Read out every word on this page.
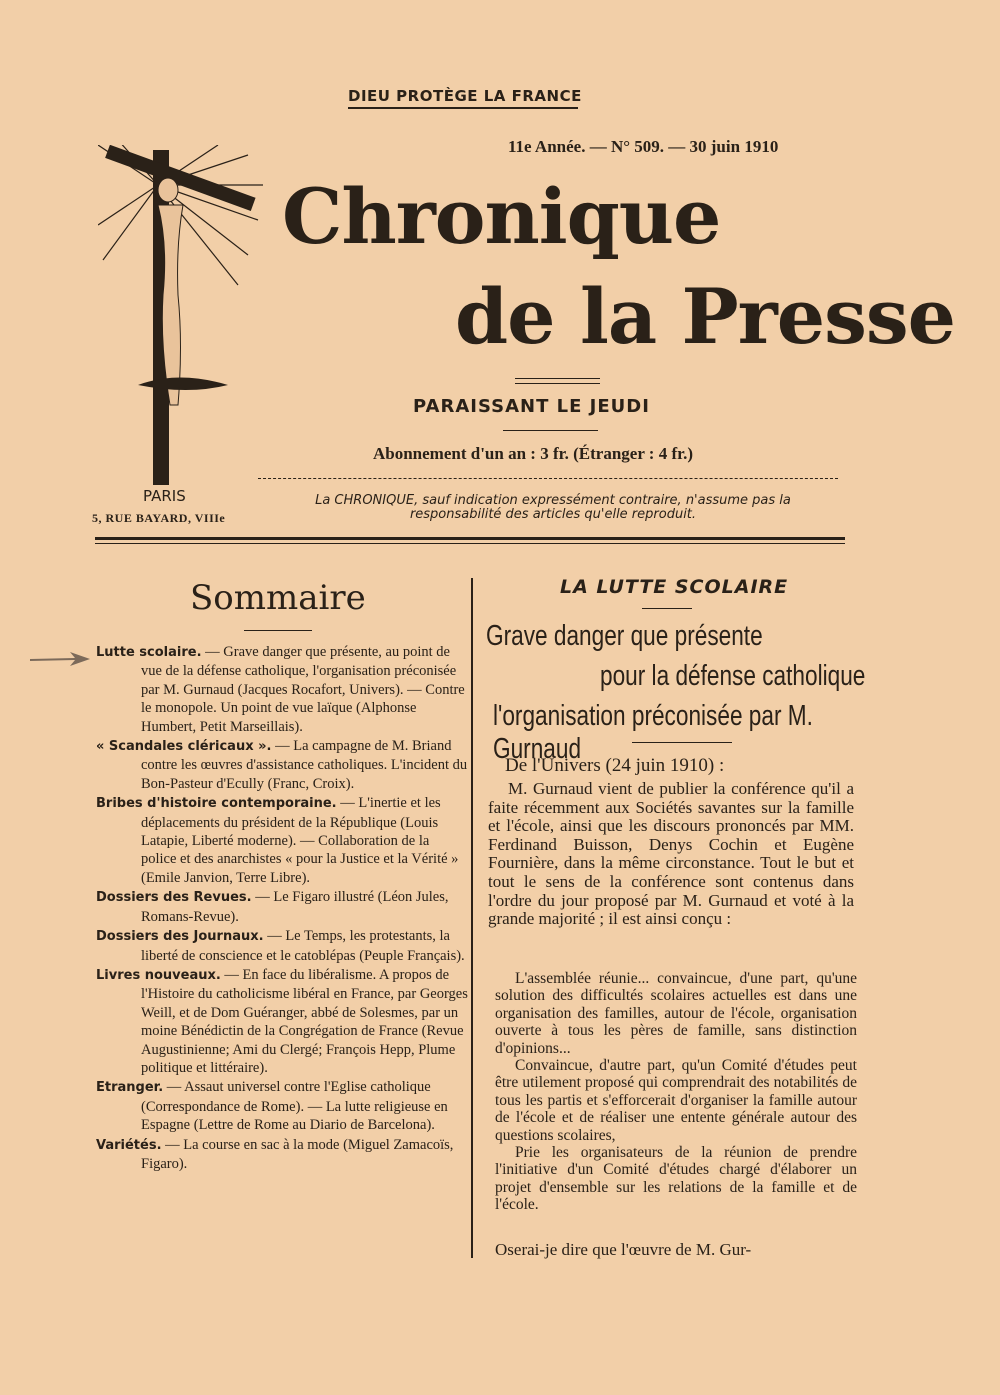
DIEU PROTÈGE LA FRANCE
11e Année. — N° 509. — 30 juin 1910
Chronique
de la Presse
PARAISSANT LE JEUDI
Abonnement d'un an : 3 fr. (Étranger : 4 fr.)
PARIS
5, RUE BAYARD, VIIIe
La CHRONIQUE, sauf indication expressément contraire, n'assume pas la responsabilité des articles qu'elle reproduit.
Sommaire

Lutte scolaire. — Grave danger que présente, au point de vue de la défense catholique, l'organisation préconisée par M. Gurnaud (Jacques Rocafort, Univers). — Contre le monopole. Un point de vue laïque (Alphonse Humbert, Petit Marseillais).

« Scandales cléricaux ». — La campagne de M. Briand contre les œuvres d'assistance catholiques. L'incident du Bon-Pasteur d'Ecully (Franc, Croix).

Bribes d'histoire contemporaine. — L'inertie et les déplacements du président de la République (Louis Latapie, Liberté moderne). — Collaboration de la police et des anarchistes « pour la Justice et la Vérité » (Emile Janvion, Terre Libre).

Dossiers des Revues. — Le Figaro illustré (Léon Jules, Romans-Revue).

Dossiers des Journaux. — Le Temps, les protestants, la liberté de conscience et le catoblépas (Peuple Français).

Livres nouveaux. — En face du libéralisme. A propos de l'Histoire du catholicisme libéral en France, par Georges Weill, et de Dom Guéranger, abbé de Solesmes, par un moine Bénédictin de la Congrégation de France (Revue Augustinienne; Ami du Clergé; François Hepp, Plume politique et littéraire).

Etranger. — Assaut universel contre l'Eglise catholique (Correspondance de Rome). — La lutte religieuse en Espagne (Lettre de Rome au Diario de Barcelona).

Variétés. — La course en sac à la mode (Miguel Zamacoïs, Figaro).

LA LUTTE SCOLAIRE
Grave danger que présente
pour la défense catholique
l'organisation préconisée par M. Gurnaud
De l'Univers (24 juin 1910) :

M. Gurnaud vient de publier la conférence qu'il a faite récemment aux Sociétés savantes sur la famille et l'école, ainsi que les discours prononcés par MM. Ferdinand Buisson, Denys Cochin et Eugène Fournière, dans la même circonstance. Tout le but et tout le sens de la conférence sont contenus dans l'ordre du jour proposé par M. Gurnaud et voté à la grande majorité ; il est ainsi conçu :

L'assemblée réunie... convaincue, d'une part, qu'une solution des difficultés scolaires actuelles est dans une organisation des familles, autour de l'école, organisation ouverte à tous les pères de famille, sans distinction d'opinions...

Convaincue, d'autre part, qu'un Comité d'études peut être utilement proposé qui comprendrait des notabilités de tous les partis et s'efforcerait d'organiser la famille autour de l'école et de réaliser une entente générale autour des questions scolaires,

Prie les organisateurs de la réunion de prendre l'initiative d'un Comité d'études chargé d'élaborer un projet d'ensemble sur les relations de la famille et de l'école.

Oserai-je dire que l'œuvre de M. Gur-
